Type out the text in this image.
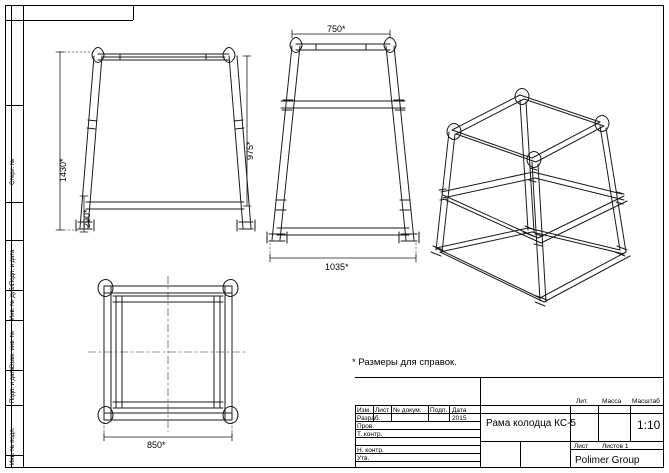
Стерх. №
Подп. и дата
Инв. № дубл.
Взам. инв. №
Подп. и дата
Инв. № подл.
750*
1035*
1430*
975*
290*
850*
* Размеры для справок.
Изм. Лист № докум. Подп. Дата
Разраб.
Пров.
Т. контр.
Н. контр.
Утв.
2015
Лит. Масса Масштаб
Рама колодца КС-5	1:10
Лист Листов 1
Polimer Group
